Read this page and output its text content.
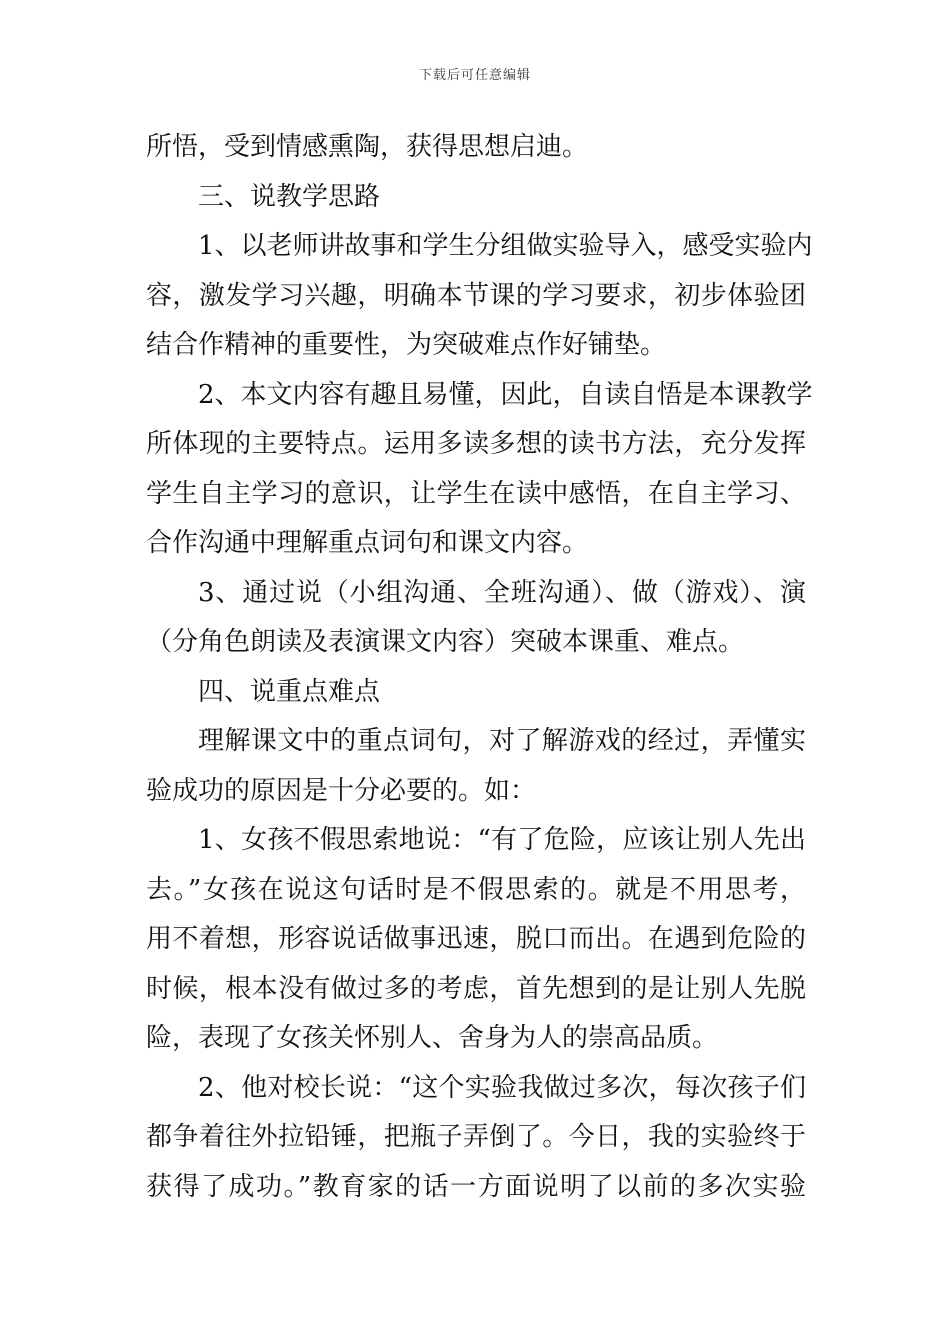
下载后可任意编辑
所悟，受到情感熏陶，获得思想启迪。
三、说教学思路
1、以老师讲故事和学生分组做实验导入，感受实验内
容，激发学习兴趣，明确本节课的学习要求，初步体验团
结合作精神的重要性，为突破难点作好铺垫。
2、本文内容有趣且易懂，因此，自读自悟是本课教学
所体现的主要特点。运用多读多想的读书方法，充分发挥
学生自主学习的意识，让学生在读中感悟，在自主学习、
合作沟通中理解重点词句和课文内容。
3、通过说（小组沟通、全班沟通）、做（游戏）、演
（分角色朗读及表演课文内容）突破本课重、难点。
四、说重点难点
理解课文中的重点词句，对了解游戏的经过，弄懂实
验成功的原因是十分必要的。如：
1、女孩不假思索地说：“有了危险，应该让别人先出
去。”女孩在说这句话时是不假思索的。就是不用思考，
用不着想，形容说话做事迅速，脱口而出。在遇到危险的
时候，根本没有做过多的考虑，首先想到的是让别人先脱
险，表现了女孩关怀别人、舍身为人的崇高品质。
2、他对校长说：“这个实验我做过多次，每次孩子们
都争着往外拉铅锤，把瓶子弄倒了。今日，我的实验终于
获得了成功。”教育家的话一方面说明了以前的多次实验
